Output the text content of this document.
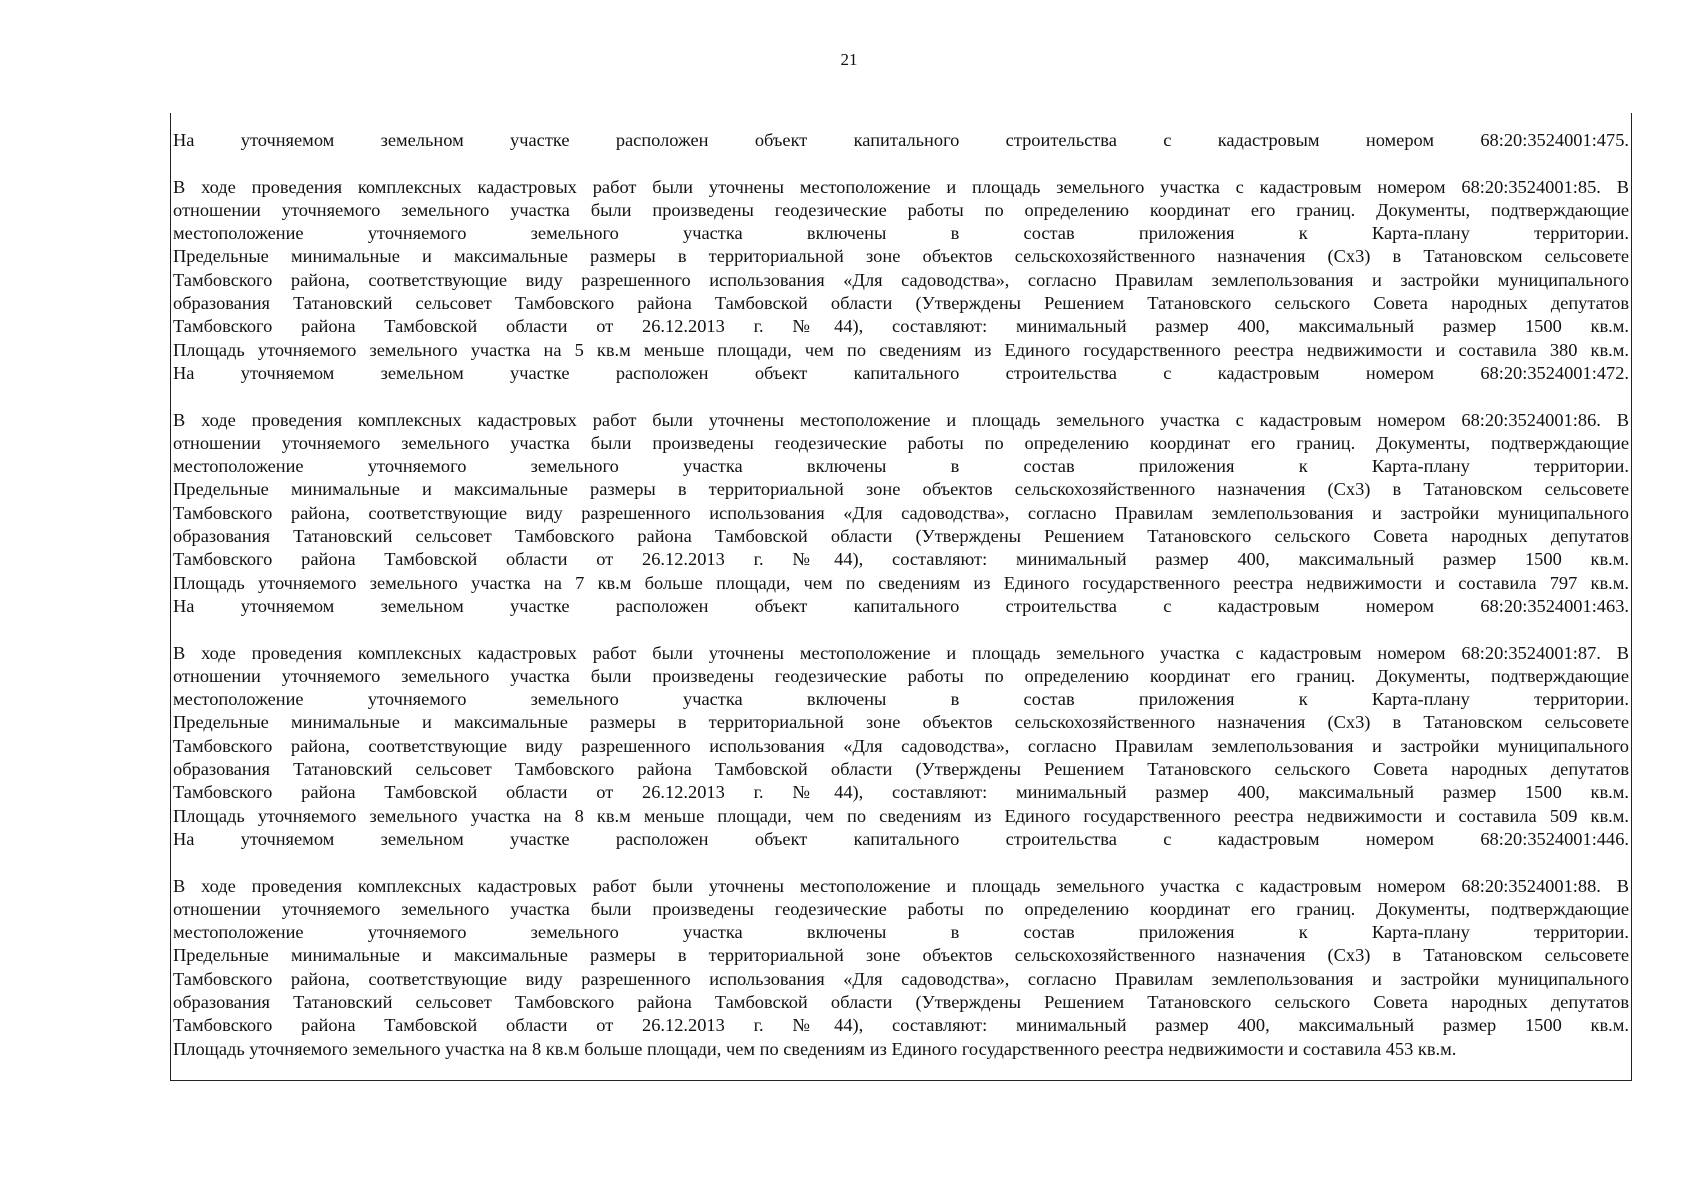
21
На уточняемом земельном участке расположен объект капитального строительства с кадастровым номером 68:20:3524001:475.
В ходе проведения комплексных кадастровых работ были уточнены местоположение и площадь земельного участка с кадастровым номером 68:20:3524001:85. В
отношении уточняемого земельного участка были произведены геодезические работы по определению координат его границ. Документы, подтверждающие
местоположение уточняемого земельного участка включены в состав приложения к Карта-плану территории.
Предельные минимальные и максимальные размеры в территориальной зоне объектов сельскохозяйственного назначения (Сх3) в Татановском сельсовете
Тамбовского района, соответствующие виду разрешенного использования «Для садоводства», согласно Правилам землепользования и застройки муниципального
образования Татановский сельсовет Тамбовского района Тамбовской области (Утверждены Решением Татановского сельского Совета народных депутатов
Тамбовского района Тамбовской области от 26.12.2013 г. №44), составляют: минимальный размер 400, максимальный размер 1500 кв.м.
Площадь уточняемого земельного участка на 5 кв.м меньше площади, чем по сведениям из Единого государственного реестра недвижимости и составила 380 кв.м.
На уточняемом земельном участке расположен объект капитального строительства с кадастровым номером 68:20:3524001:472.
В ходе проведения комплексных кадастровых работ были уточнены местоположение и площадь земельного участка с кадастровым номером 68:20:3524001:86. В
отношении уточняемого земельного участка были произведены геодезические работы по определению координат его границ. Документы, подтверждающие
местоположение уточняемого земельного участка включены в состав приложения к Карта-плану территории.
Предельные минимальные и максимальные размеры в территориальной зоне объектов сельскохозяйственного назначения (Сх3) в Татановском сельсовете
Тамбовского района, соответствующие виду разрешенного использования «Для садоводства», согласно Правилам землепользования и застройки муниципального
образования Татановский сельсовет Тамбовского района Тамбовской области (Утверждены Решением Татановского сельского Совета народных депутатов
Тамбовского района Тамбовской области от 26.12.2013 г. №44), составляют: минимальный размер 400, максимальный размер 1500 кв.м.
Площадь уточняемого земельного участка на 7 кв.м больше площади, чем по сведениям из Единого государственного реестра недвижимости и составила 797 кв.м.
На уточняемом земельном участке расположен объект капитального строительства с кадастровым номером 68:20:3524001:463.
В ходе проведения комплексных кадастровых работ были уточнены местоположение и площадь земельного участка с кадастровым номером 68:20:3524001:87. В
отношении уточняемого земельного участка были произведены геодезические работы по определению координат его границ. Документы, подтверждающие
местоположение уточняемого земельного участка включены в состав приложения к Карта-плану территории.
Предельные минимальные и максимальные размеры в территориальной зоне объектов сельскохозяйственного назначения (Сх3) в Татановском сельсовете
Тамбовского района, соответствующие виду разрешенного использования «Для садоводства», согласно Правилам землепользования и застройки муниципального
образования Татановский сельсовет Тамбовского района Тамбовской области (Утверждены Решением Татановского сельского Совета народных депутатов
Тамбовского района Тамбовской области от 26.12.2013 г. №44), составляют: минимальный размер 400, максимальный размер 1500 кв.м.
Площадь уточняемого земельного участка на 8 кв.м меньше площади, чем по сведениям из Единого государственного реестра недвижимости и составила 509 кв.м.
На уточняемом земельном участке расположен объект капитального строительства с кадастровым номером 68:20:3524001:446.
В ходе проведения комплексных кадастровых работ были уточнены местоположение и площадь земельного участка с кадастровым номером 68:20:3524001:88. В
отношении уточняемого земельного участка были произведены геодезические работы по определению координат его границ. Документы, подтверждающие
местоположение уточняемого земельного участка включены в состав приложения к Карта-плану территории.
Предельные минимальные и максимальные размеры в территориальной зоне объектов сельскохозяйственного назначения (Сх3) в Татановском сельсовете
Тамбовского района, соответствующие виду разрешенного использования «Для садоводства», согласно Правилам землепользования и застройки муниципального
образования Татановский сельсовет Тамбовского района Тамбовской области (Утверждены Решением Татановского сельского Совета народных депутатов
Тамбовского района Тамбовской области от 26.12.2013 г. №44), составляют: минимальный размер 400, максимальный размер 1500 кв.м.
Площадь уточняемого земельного участка на 8 кв.м больше площади, чем по сведениям из Единого государственного реестра недвижимости и составила 453 кв.м.
